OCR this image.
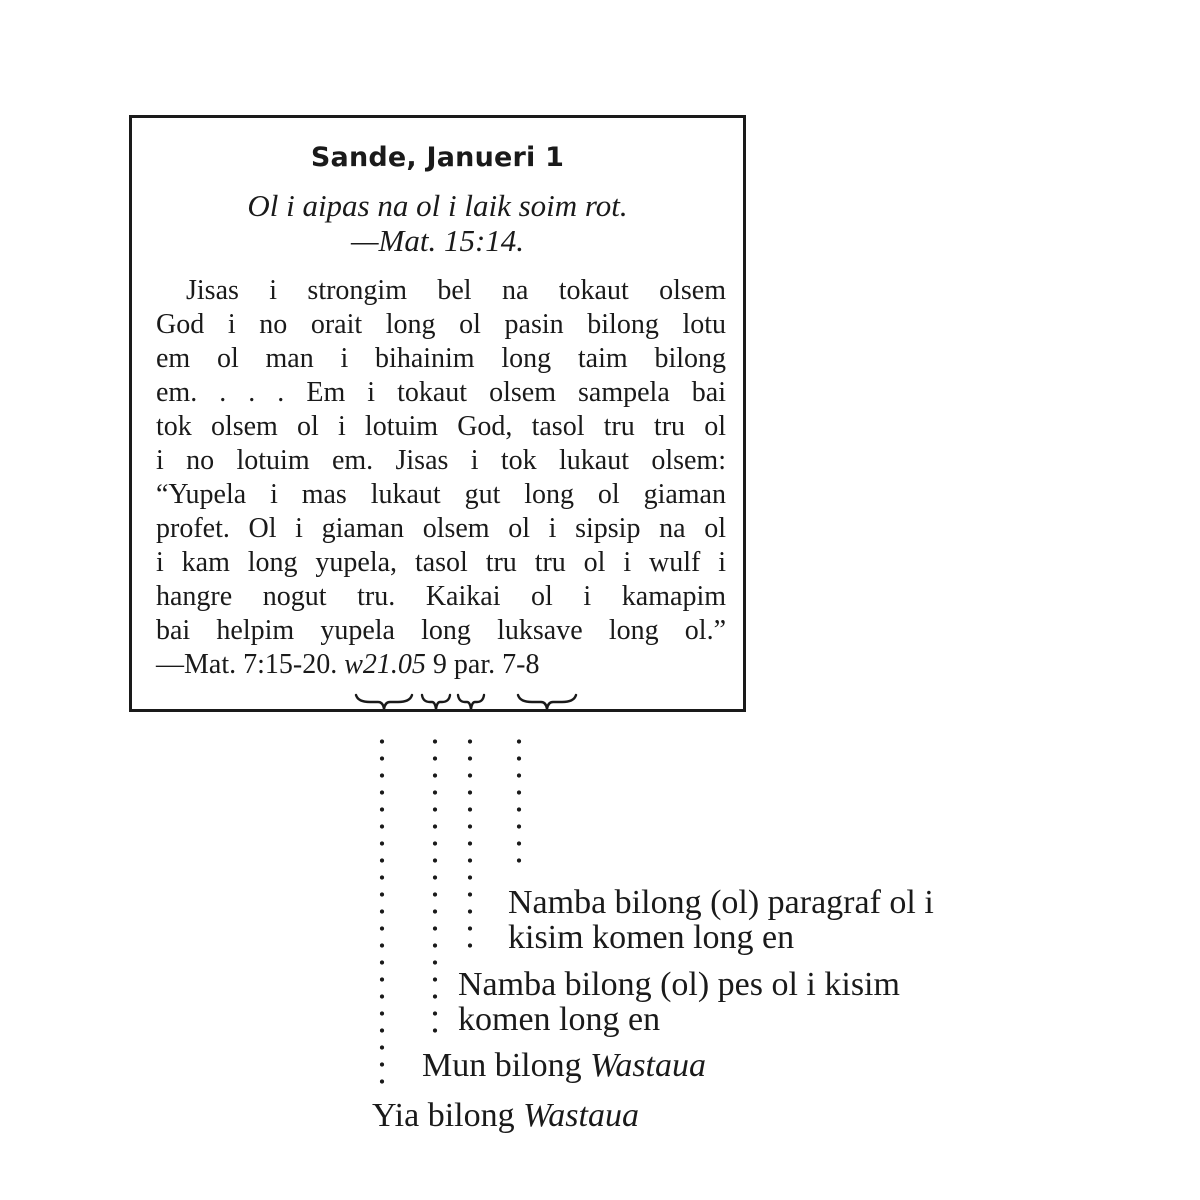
Sande, Janueri 1
Ol i aipas na ol i laik soim rot.
—Mat. 15:14.
Jisas i strongim bel na tokaut olsem
God i no orait long ol pasin bilong lotu
em ol man i bihainim long taim bilong
em. . . . Em i tokaut olsem sampela bai
tok olsem ol i lotuim God, tasol tru tru ol
i no lotuim em. Jisas i tok lukaut olsem:
“Yupela i mas lukaut gut long ol giaman
profet. Ol i giaman olsem ol i sipsip na ol
i kam long yupela, tasol tru tru ol i wulf i
hangre nogut tru. Kaikai ol i kamapim
bai helpim yupela long luksave long ol.”
—Mat. 7:15-20. w21.05 9 par. 7-8
Namba bilong (ol) paragraf ol i
kisim komen long en
Namba bilong (ol) pes ol i kisim
komen long en
Mun bilong Wastaua
Yia bilong Wastaua
